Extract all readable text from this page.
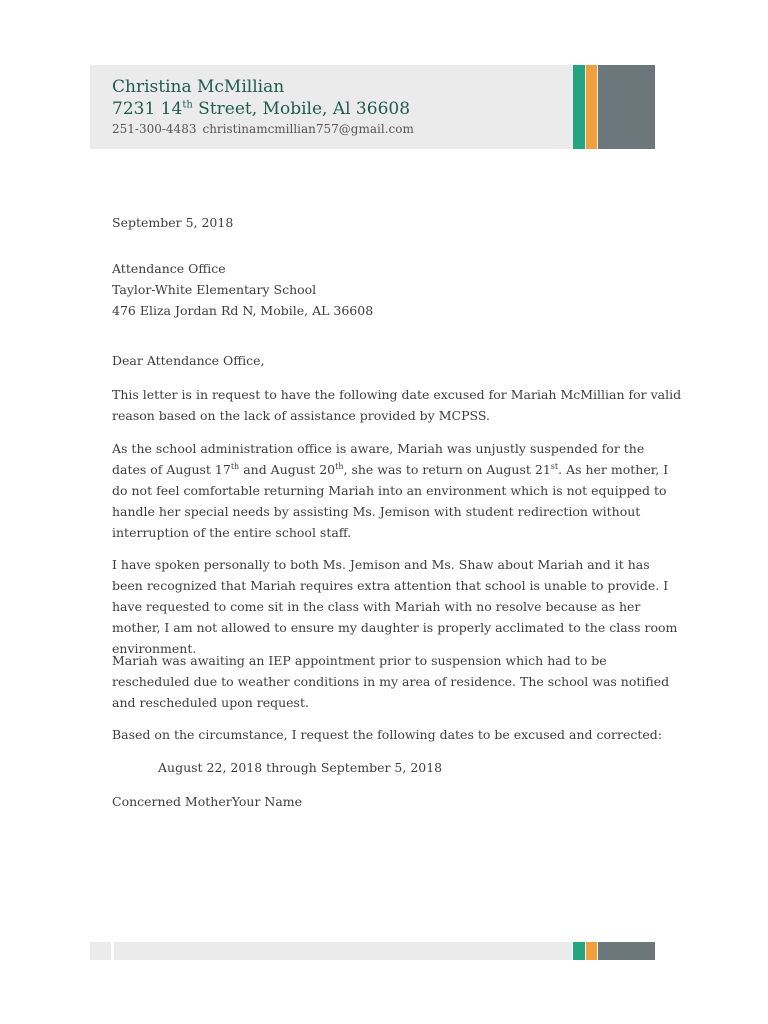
Christina McMillian
7231 14th Street, Mobile, Al 36608
251-300-4483 christinamcmillian757@gmail.com

September 5, 2018

Attendance Office

Taylor-White Elementary School

476 Eliza Jordan Rd N, Mobile, AL 36608

Dear Attendance Office,

This letter is in request to have the following date excused for Mariah McMillian for valid reason based on the lack of assistance provided by MCPSS.

As the school administration office is aware, Mariah was unjustly suspended for the dates of August 17th and August 20th, she was to return on August 21st. As her mother, I do not feel comfortable returning Mariah into an environment which is not equipped to handle her special needs by assisting Ms. Jemison with student redirection without interruption of the entire school staff.

I have spoken personally to both Ms. Jemison and Ms. Shaw about Mariah and it has been recognized that Mariah requires extra attention that school is unable to provide. I have requested to come sit in the class with Mariah with no resolve because as her mother, I am not allowed to ensure my daughter is properly acclimated to the class room environment.

Mariah was awaiting an IEP appointment prior to suspension which had to be rescheduled due to weather conditions in my area of residence. The school was notified and rescheduled upon request.

Based on the circumstance, I request the following dates to be excused and corrected:

August 22, 2018 through September 5, 2018

Concerned MotherYour Name
